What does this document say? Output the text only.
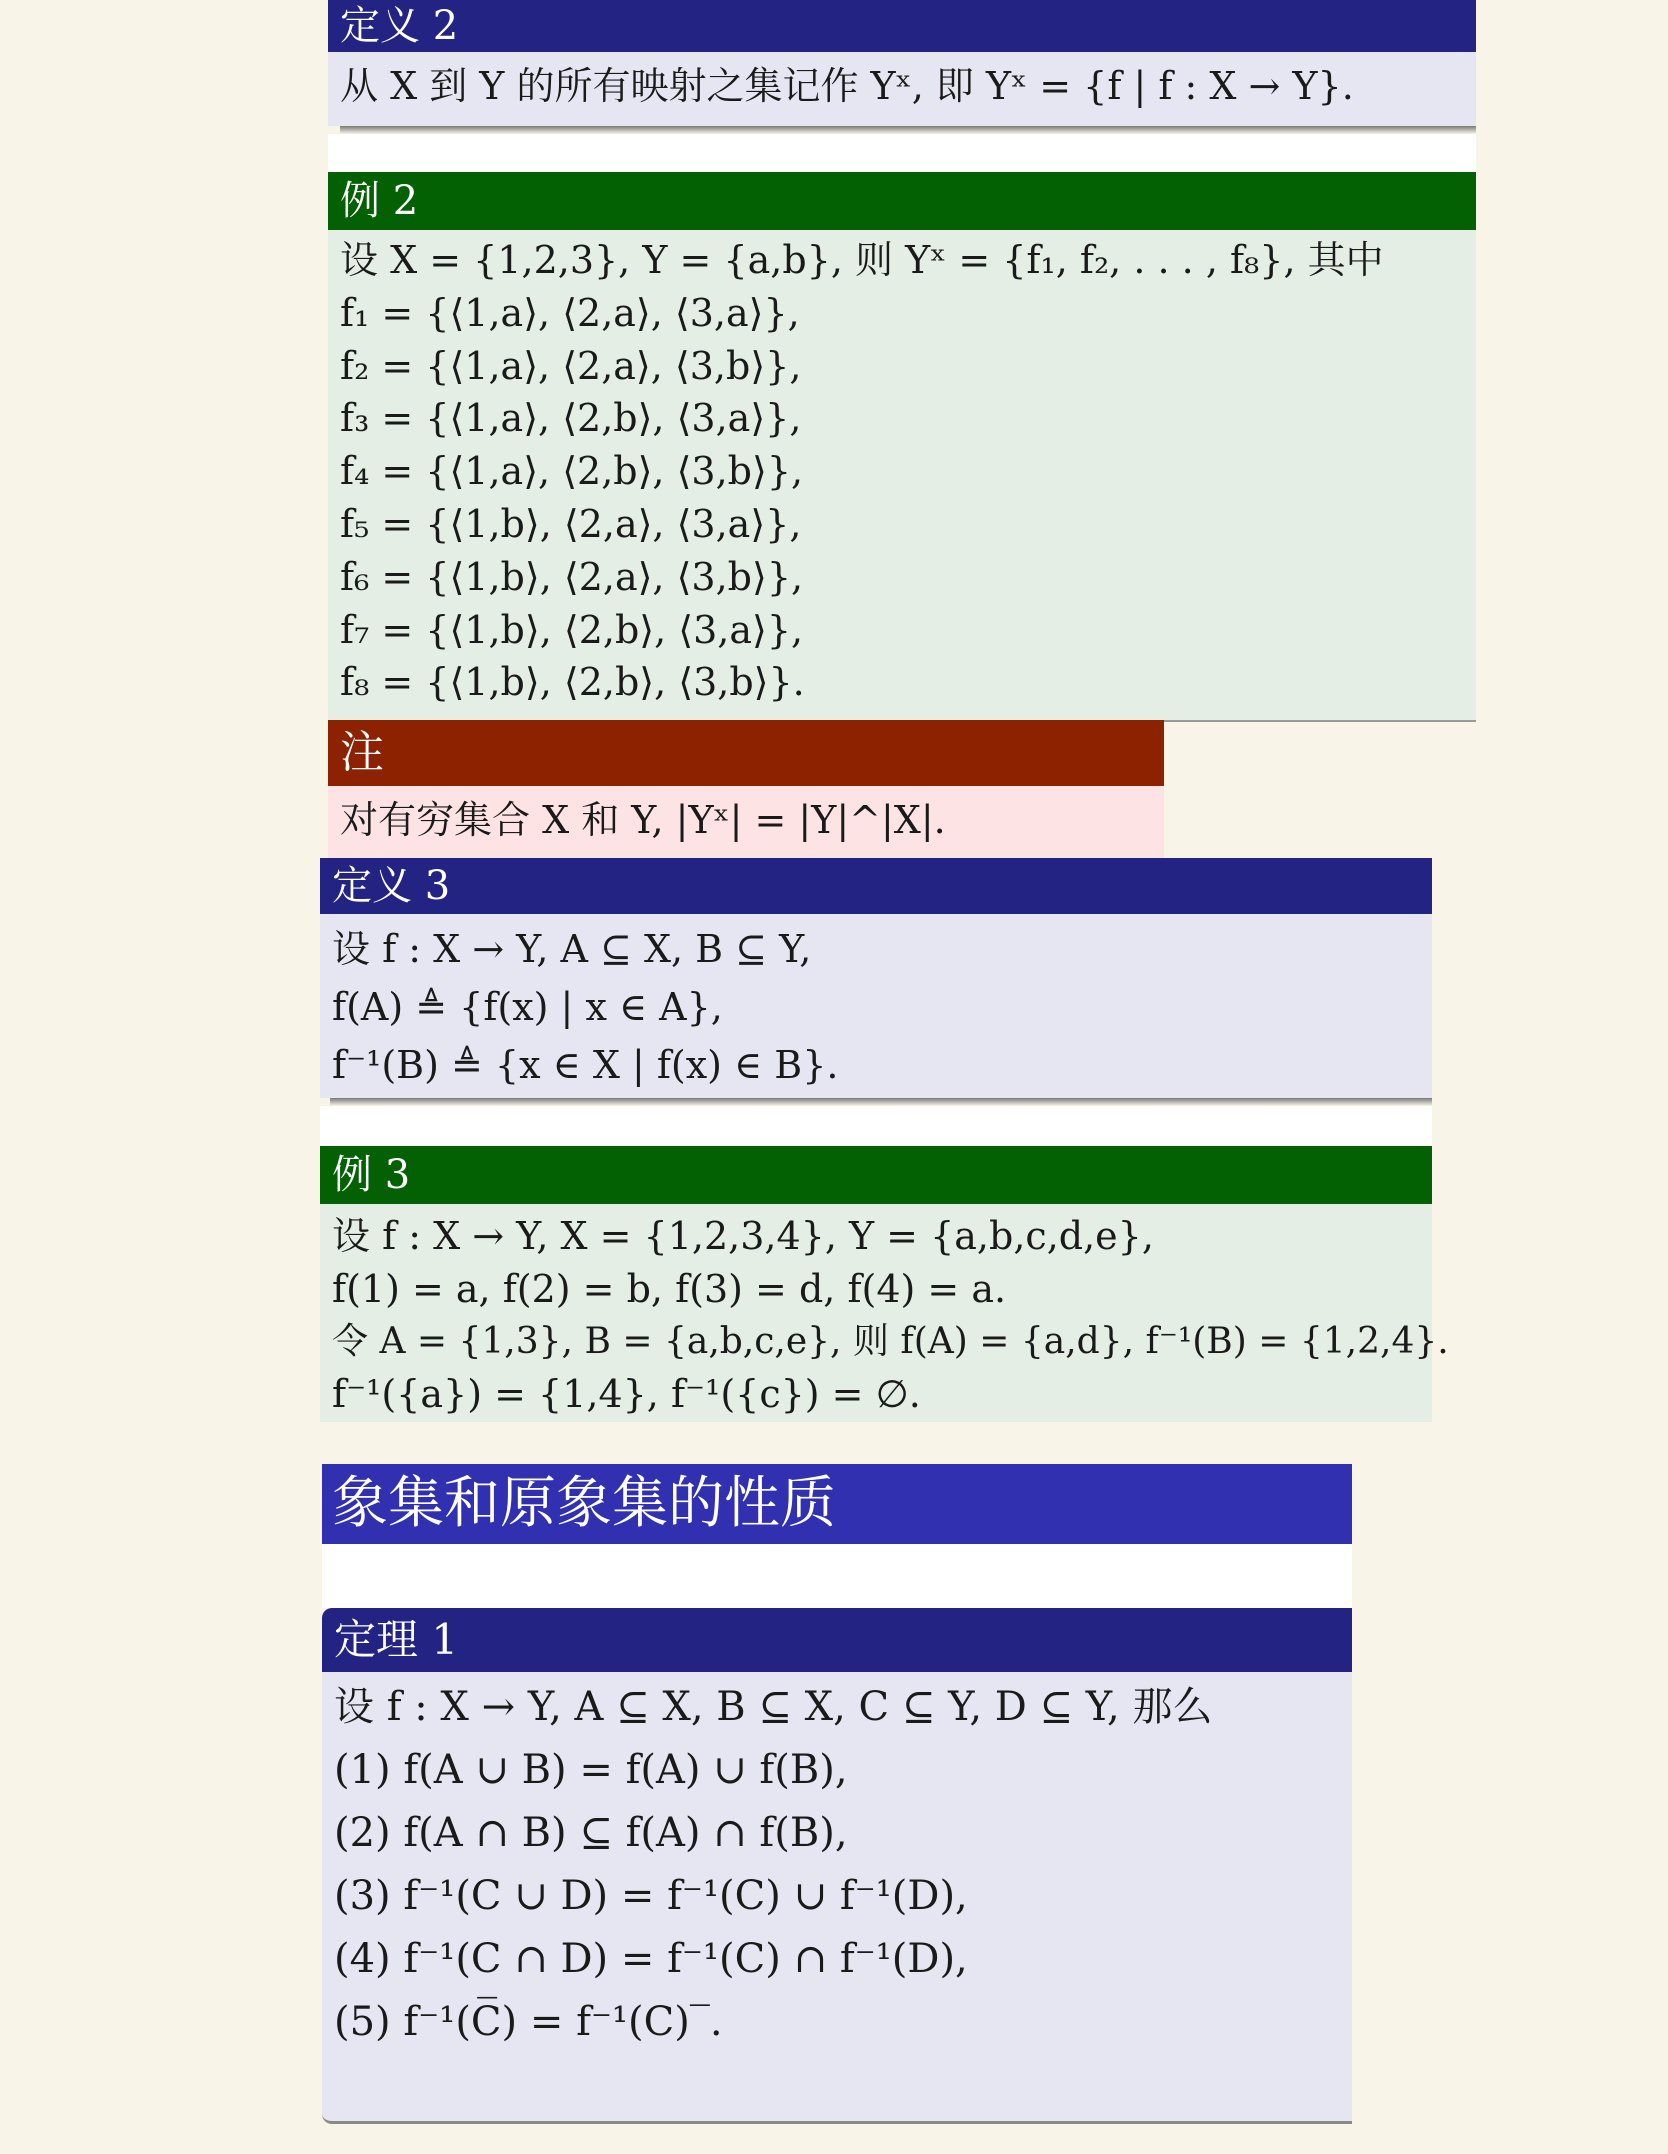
定义 2
从 X 到 Y 的所有映射之集记作 Yˣ, 即 Yˣ = {f | f : X → Y}.
例 2
设 X = {1,2,3}, Y = {a,b}, 则 Yˣ = {f₁, f₂, . . . , f₈}, 其中
f₁ = {⟨1,a⟩, ⟨2,a⟩, ⟨3,a⟩},
f₂ = {⟨1,a⟩, ⟨2,a⟩, ⟨3,b⟩},
f₃ = {⟨1,a⟩, ⟨2,b⟩, ⟨3,a⟩},
f₄ = {⟨1,a⟩, ⟨2,b⟩, ⟨3,b⟩},
f₅ = {⟨1,b⟩, ⟨2,a⟩, ⟨3,a⟩},
f₆ = {⟨1,b⟩, ⟨2,a⟩, ⟨3,b⟩},
f₇ = {⟨1,b⟩, ⟨2,b⟩, ⟨3,a⟩},
f₈ = {⟨1,b⟩, ⟨2,b⟩, ⟨3,b⟩}.
注
对有穷集合 X 和 Y, |Yˣ| = |Y|^|X|.
定义 3
设 f : X → Y, A ⊆ X, B ⊆ Y,
f(A) ≜ {f(x) | x ∈ A},
f⁻¹(B) ≜ {x ∈ X | f(x) ∈ B}.
例 3
设 f : X → Y, X = {1,2,3,4}, Y = {a,b,c,d,e},
f(1) = a, f(2) = b, f(3) = d, f(4) = a.
令 A = {1,3}, B = {a,b,c,e}, 则 f(A) = {a,d}, f⁻¹(B) = {1,2,4}.
f⁻¹({a}) = {1,4}, f⁻¹({c}) = ∅.
象集和原象集的性质
定理 1
设 f : X → Y, A ⊆ X, B ⊆ X, C ⊆ Y, D ⊆ Y, 那么
(1) f(A ∪ B) = f(A) ∪ f(B),
(2) f(A ∩ B) ⊆ f(A) ∩ f(B),
(3) f⁻¹(C ∪ D) = f⁻¹(C) ∪ f⁻¹(D),
(4) f⁻¹(C ∩ D) = f⁻¹(C) ∩ f⁻¹(D),
(5) f⁻¹(C̅) = f⁻¹(C)‾.
